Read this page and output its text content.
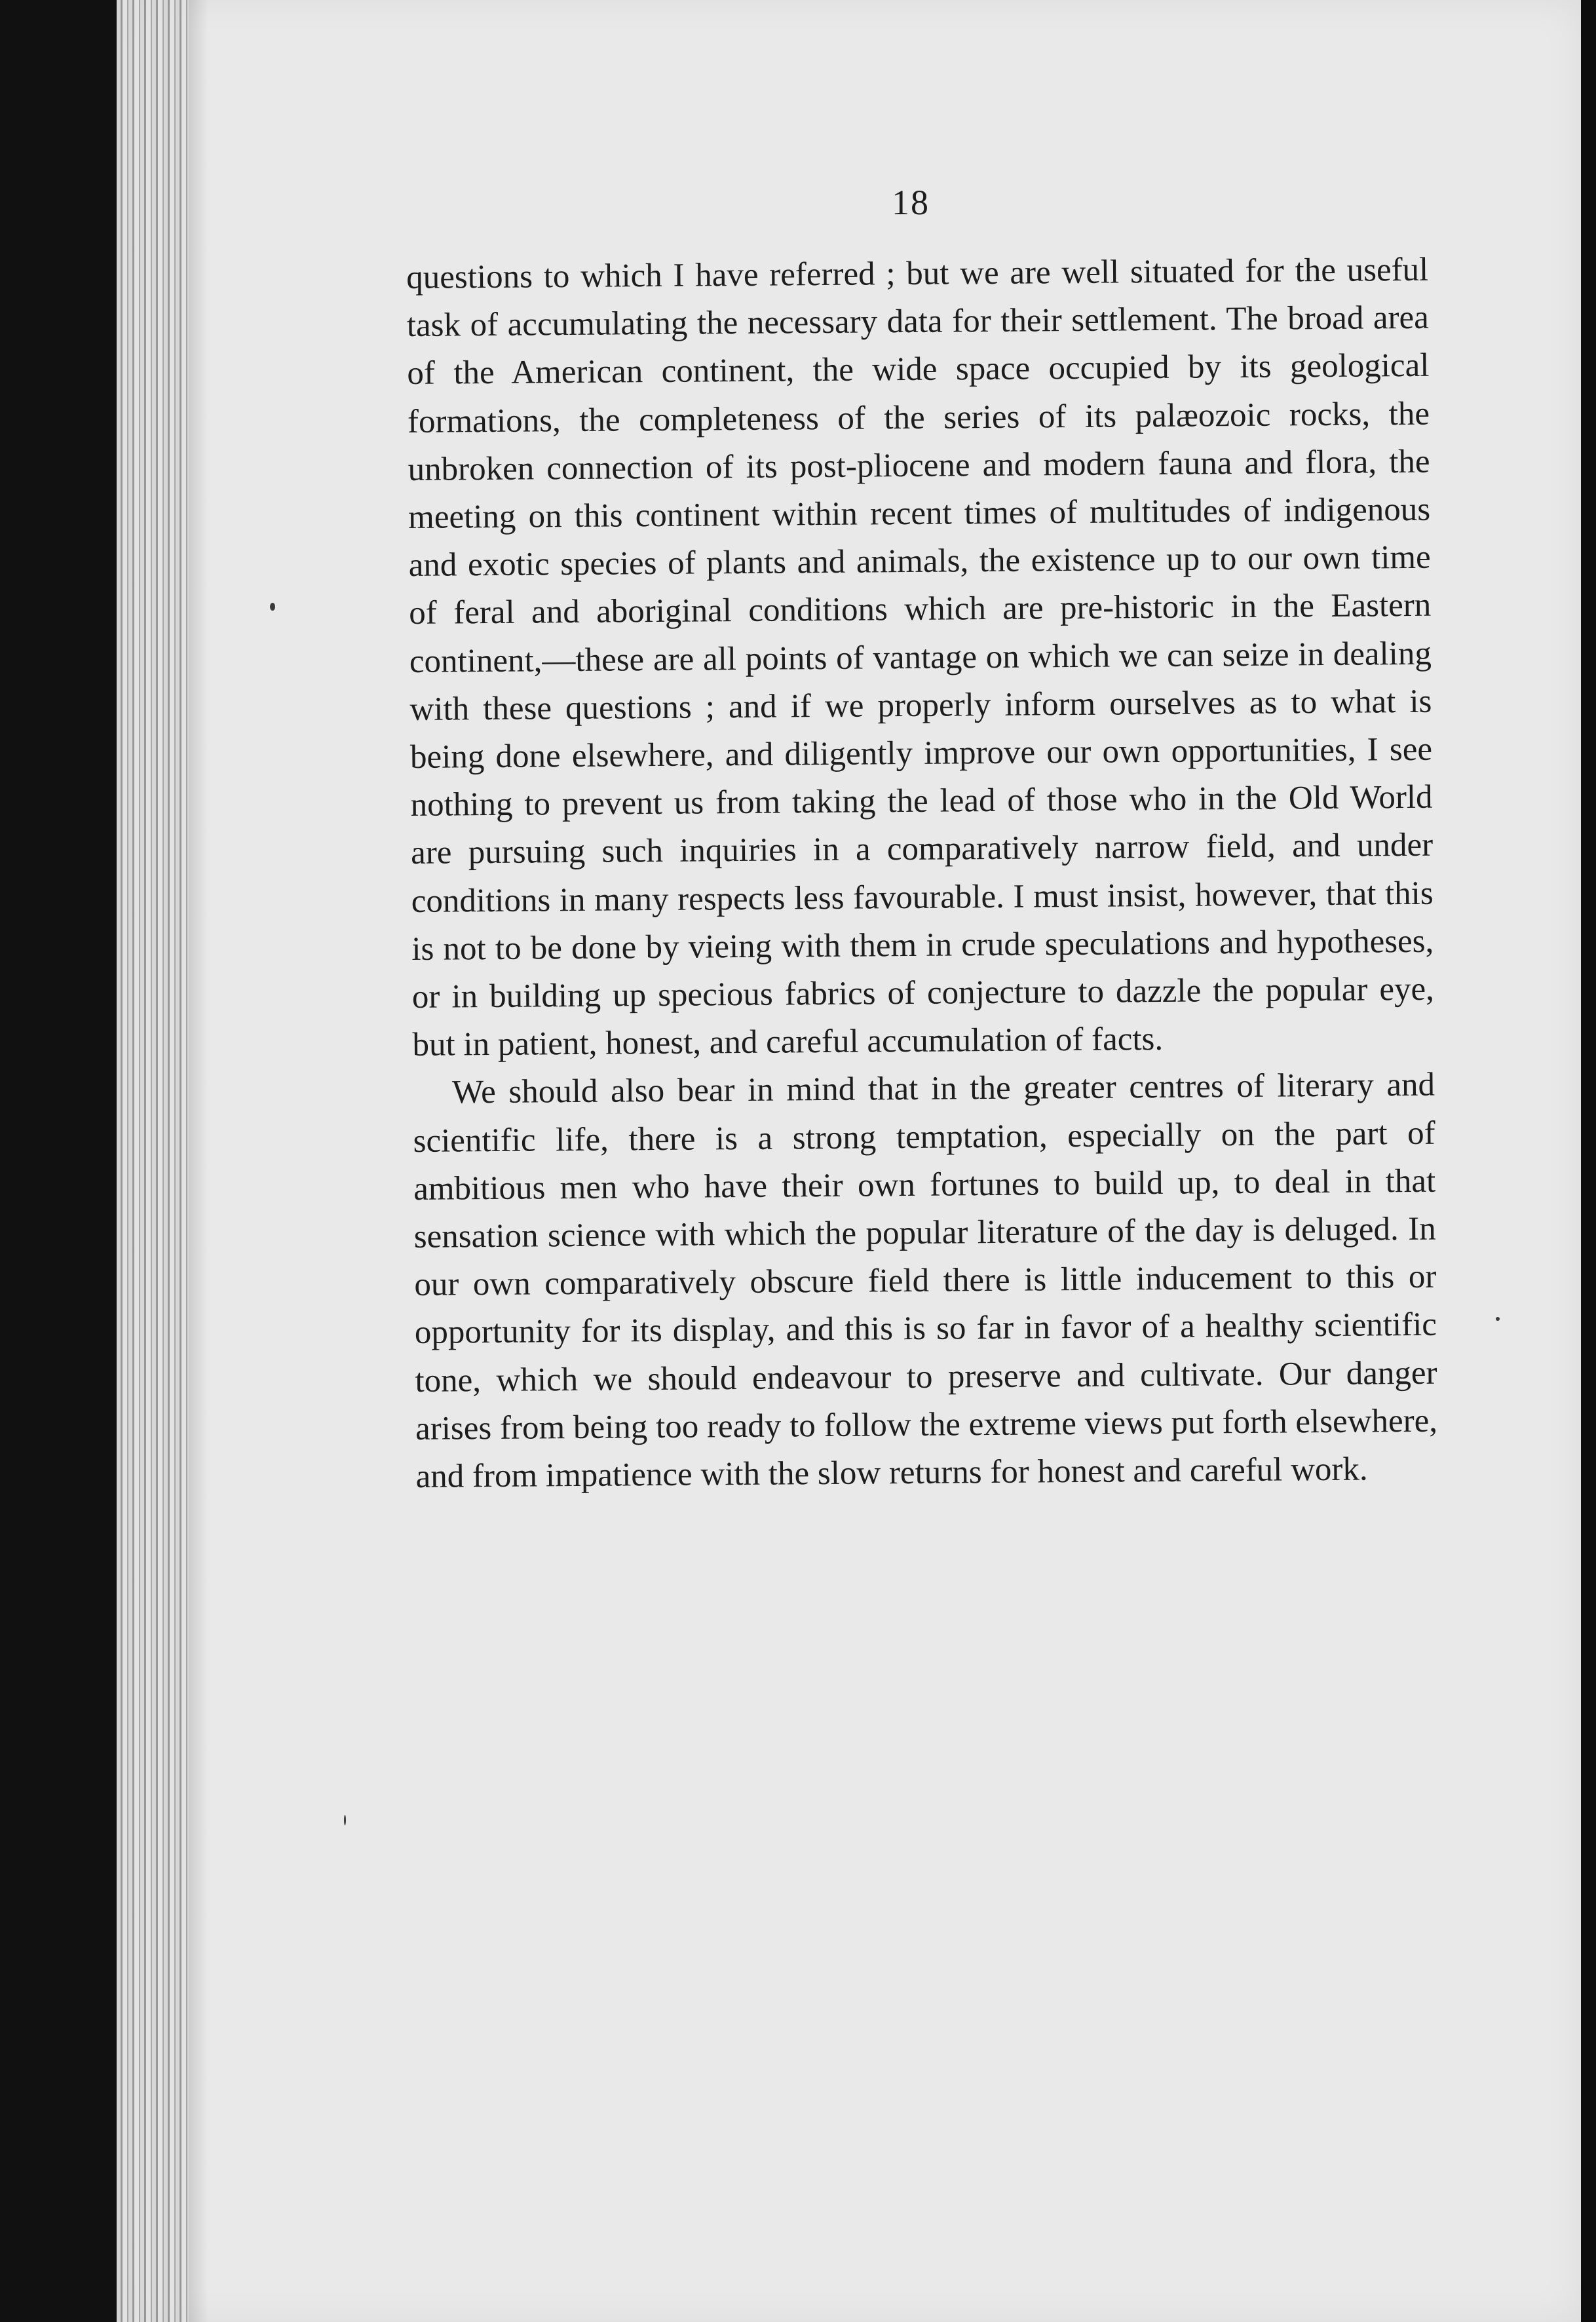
18

questions to which I have referred ; but we are well situated for the useful task of accumulating the necessary data for their settlement. The broad area of the American continent, the wide space occupied by its geological formations, the completeness of the series of its palæozoic rocks, the unbroken connection of its post-pliocene and modern fauna and flora, the meeting on this continent within recent times of multitudes of indigenous and exotic species of plants and animals, the existence up to our own time of feral and aboriginal conditions which are pre-historic in the Eastern continent,—these are all points of vantage on which we can seize in dealing with these questions ; and if we properly inform ourselves as to what is being done elsewhere, and diligently improve our own opportunities, I see nothing to prevent us from taking the lead of those who in the Old World are pursuing such inquiries in a comparatively narrow field, and under conditions in many respects less favourable. I must insist, however, that this is not to be done by vieing with them in crude speculations and hypotheses, or in building up specious fabrics of conjecture to dazzle the popular eye, but in patient, honest, and careful accumulation of facts.

We should also bear in mind that in the greater centres of literary and scientific life, there is a strong temptation, especially on the part of ambitious men who have their own fortunes to build up, to deal in that sensation science with which the popular literature of the day is deluged. In our own comparatively obscure field there is little inducement to this or opportunity for its display, and this is so far in favor of a healthy scientific tone, which we should endeavour to preserve and cultivate. Our danger arises from being too ready to follow the extreme views put forth elsewhere, and from impatience with the slow returns for honest and careful work.
